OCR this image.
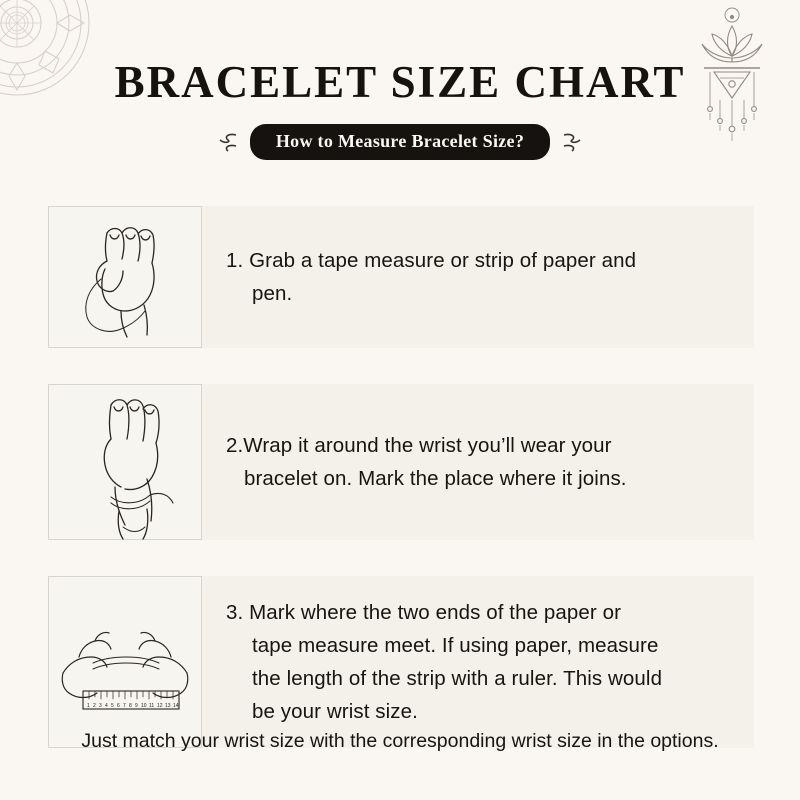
BRACELET SIZE CHART
How to Measure Bracelet Size?
1. Grab a tape measure or strip of paper and
pen.
2.Wrap it around the wrist you’ll wear your
bracelet on. Mark the place where it joins.
1 2 3 4 5 6 7 8 9 10 11 12 13 14
3. Mark where the two ends of the paper or
tape measure meet. If using paper, measure
the length of the strip with a ruler. This would
be your wrist size.
Just match your wrist size with the corresponding wrist size in the options.
